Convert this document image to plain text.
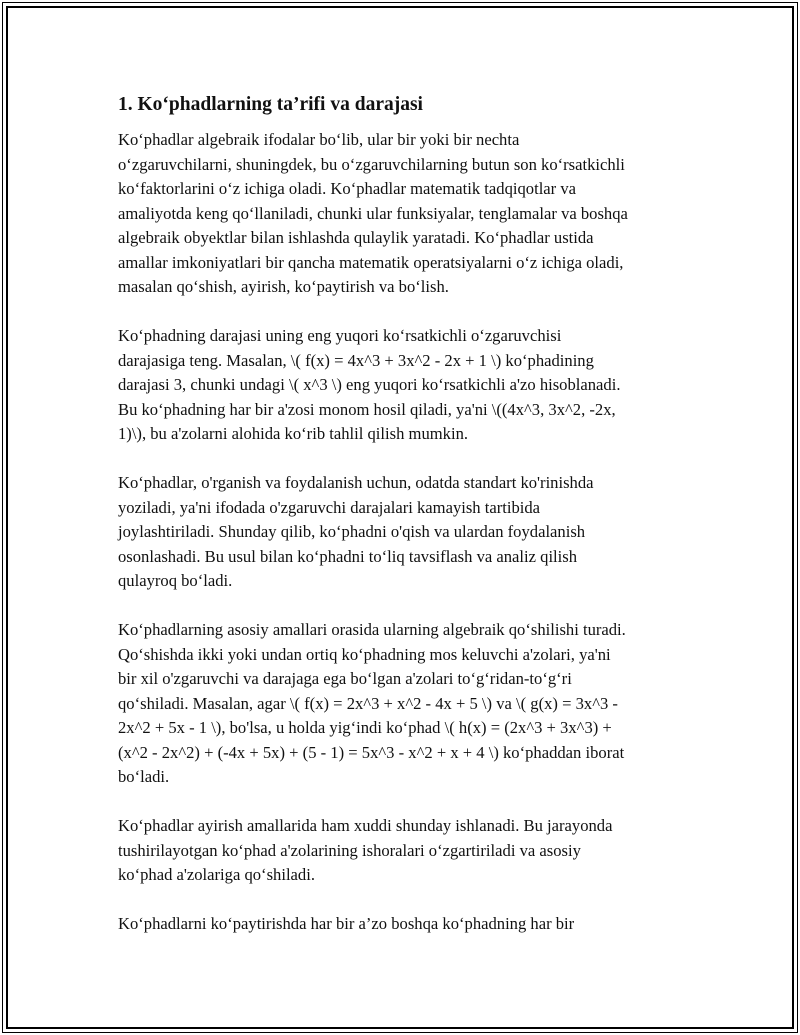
1. Ko‘phadlarning ta’rifi va darajasi
Ko‘phadlar algebraik ifodalar bo‘lib, ular bir yoki bir nechta
o‘zgaruvchilarni, shuningdek, bu o‘zgaruvchilarning butun son ko‘rsatkichli
ko‘faktorlarini o‘z ichiga oladi. Ko‘phadlar matematik tadqiqotlar va
amaliyotda keng qo‘llaniladi, chunki ular funksiyalar, tenglamalar va boshqa
algebraik obyektlar bilan ishlashda qulaylik yaratadi. Ko‘phadlar ustida
amallar imkoniyatlari bir qancha matematik operatsiyalarni o‘z ichiga oladi,
masalan qo‘shish, ayirish, ko‘paytirish va bo‘lish.
Ko‘phadning darajasi uning eng yuqori ko‘rsatkichli o‘zgaruvchisi
darajasiga teng. Masalan, \( f(x) = 4x^3 + 3x^2 - 2x + 1 \) ko‘phadining
darajasi 3, chunki undagi \( x^3 \) eng yuqori ko‘rsatkichli a'zo hisoblanadi.
Bu ko‘phadning har bir a'zosi monom hosil qiladi, ya'ni \((4x^3, 3x^2, -2x,
1)\), bu a'zolarni alohida ko‘rib tahlil qilish mumkin.
Ko‘phadlar, o'rganish va foydalanish uchun, odatda standart ko'rinishda
yoziladi, ya'ni ifodada o'zgaruvchi darajalari kamayish tartibida
joylashtiriladi. Shunday qilib, ko‘phadni o'qish va ulardan foydalanish
osonlashadi. Bu usul bilan ko‘phadni to‘liq tavsiflash va analiz qilish
qulayroq bo‘ladi.
Ko‘phadlarning asosiy amallari orasida ularning algebraik qo‘shilishi turadi.
Qo‘shishda ikki yoki undan ortiq ko‘phadning mos keluvchi a'zolari, ya'ni
bir xil o'zgaruvchi va darajaga ega bo‘lgan a'zolari to‘g‘ridan-to‘g‘ri
qo‘shiladi. Masalan, agar \( f(x) = 2x^3 + x^2 - 4x + 5 \) va \( g(x) = 3x^3 -
2x^2 + 5x - 1 \), bo'lsa, u holda yig‘indi ko‘phad \( h(x) = (2x^3 + 3x^3) +
(x^2 - 2x^2) + (-4x + 5x) + (5 - 1) = 5x^3 - x^2 + x + 4 \) ko‘phaddan iborat
bo‘ladi.
Ko‘phadlar ayirish amallarida ham xuddi shunday ishlanadi. Bu jarayonda
tushirilayotgan ko‘phad a'zolarining ishoralari o‘zgartiriladi va asosiy
ko‘phad a'zolariga qo‘shiladi.
Ko‘phadlarni ko‘paytirishda har bir a’zo boshqa ko‘phadning har bir
